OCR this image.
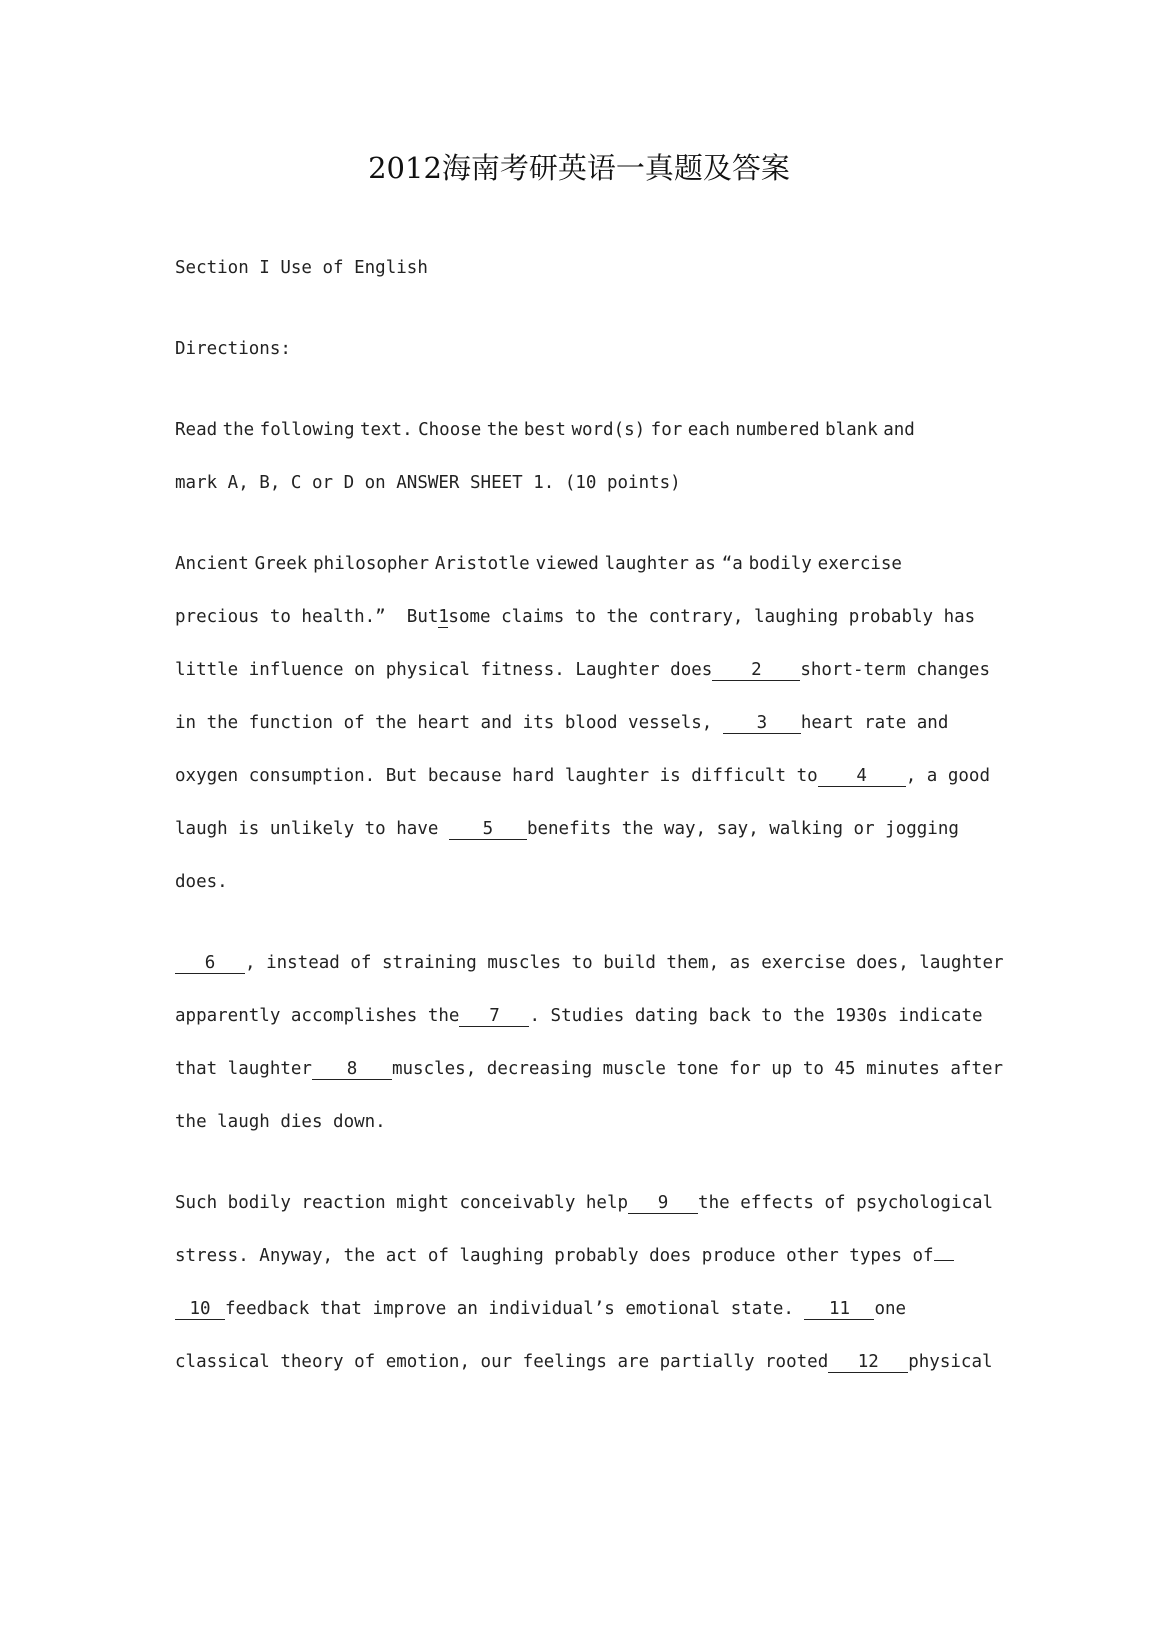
2012海南考研英语一真题及答案
Section I Use of English
Directions:
Read the following text. Choose the best word(s) for each numbered blank and
mark A, B, C or D on ANSWER SHEET 1. (10 points)
Ancient Greek philosopher Aristotle viewed laughter as “a bodily exercise
precious to health.”  But1some claims to the contrary, laughing probably has
little influence on physical fitness. Laughter does 2 short-term changes
in the function of the heart and its blood vessels, 3 heart rate and
oxygen consumption. But because hard laughter is difficult to 4 , a good
laugh is unlikely to have 5 benefits the way, say, walking or jogging
does.
6 , instead of straining muscles to build them, as exercise does, laughter
apparently accomplishes the 7 . Studies dating back to the 1930s indicate
that laughter 8 muscles, decreasing muscle tone for up to 45 minutes after
the laugh dies down.
Such bodily reaction might conceivably help 9 the effects of psychological
stress. Anyway, the act of laughing probably does produce other types of
10 feedback that improve an individual’s emotional state. 11 one
classical theory of emotion, our feelings are partially rooted 12 physical
